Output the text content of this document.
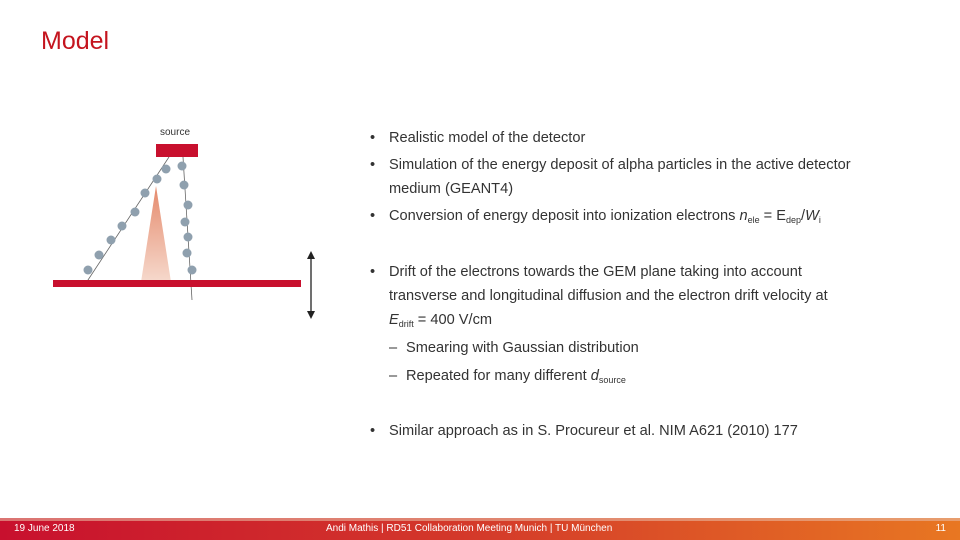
Model
source	• Realistic model of the detector
• Simulation of the energy deposit of alpha particles in the active detector
medium (GEANT4)
• Conversion of energy deposit into ionization electrons $n_{ele} = E_{dep}/W_i$
• Drift of the electrons towards the GEM plane taking into account
transverse and longitudinal diffusion and the electron drift velocity at
$E_{drift} = 400$ V/cm
– Smearing with Gaussian distribution
– Repeated for many different $d_{source}$
• Similar approach as in S. Procureur et al. NIM A621 (2010) 177
19 June 2018	Andi Mathis | RD51 Collaboration Meeting Munich | TU München	11
